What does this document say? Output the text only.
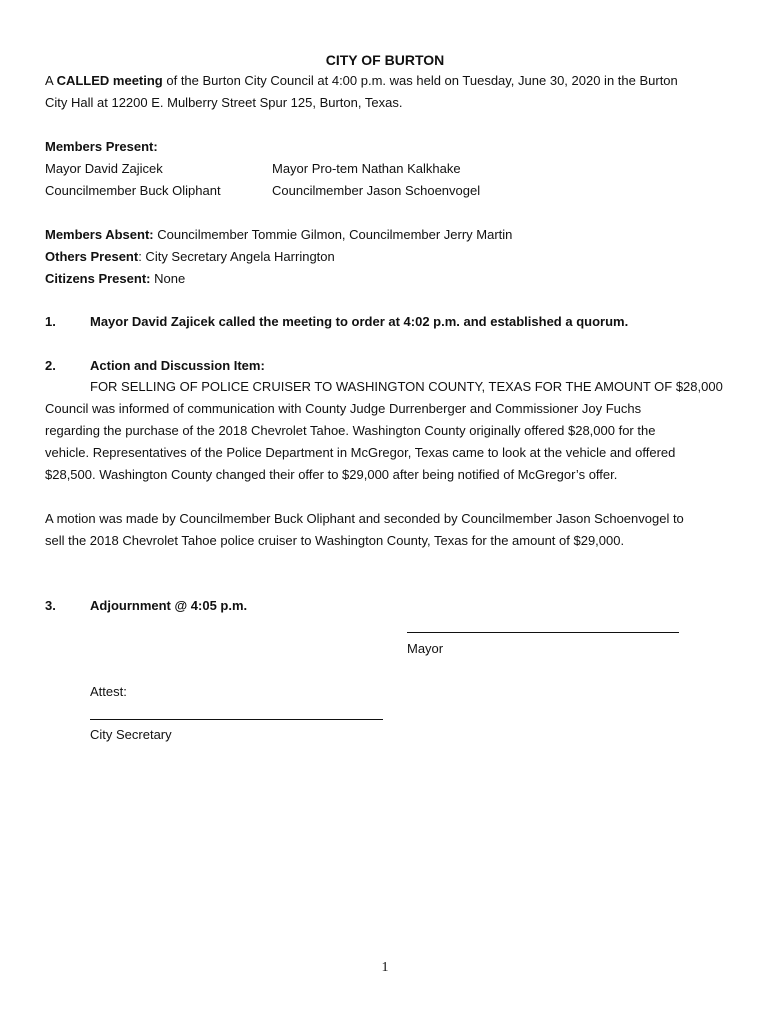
CITY OF BURTON
A CALLED meeting of the Burton City Council at 4:00 p.m. was held on Tuesday, June 30, 2020 in the Burton
City Hall at 12200 E. Mulberry Street Spur 125, Burton, Texas.
Members Present:
Mayor David Zajicek	Mayor Pro-tem Nathan Kalkhake
Councilmember Buck Oliphant	Councilmember Jason Schoenvogel
Members Absent: Councilmember Tommie Gilmon, Councilmember Jerry Martin
Others Present: City Secretary Angela Harrington
Citizens Present: None
1.	Mayor David Zajicek called the meeting to order at 4:02 p.m. and established a quorum.
2.	Action and Discussion Item:
FOR SELLING OF POLICE CRUISER TO WASHINGTON COUNTY, TEXAS FOR THE AMOUNT OF $28,000
Council was informed of communication with County Judge Durrenberger and Commissioner Joy Fuchs
regarding the purchase of the 2018 Chevrolet Tahoe. Washington County originally offered $28,000 for the
vehicle. Representatives of the Police Department in McGregor, Texas came to look at the vehicle and offered
$28,500. Washington County changed their offer to $29,000 after being notified of McGregor’s offer.
A motion was made by Councilmember Buck Oliphant and seconded by Councilmember Jason Schoenvogel to
sell the 2018 Chevrolet Tahoe police cruiser to Washington County, Texas for the amount of $29,000.
3.	Adjournment @ 4:05 p.m.
Mayor
Attest:
City Secretary
1
